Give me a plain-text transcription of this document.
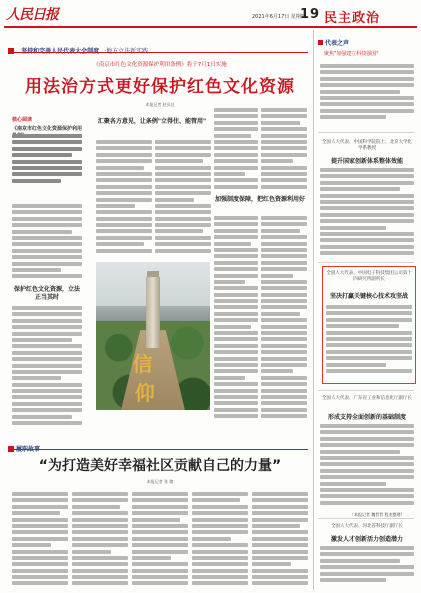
人民日报	2021年6月17日 星期四
19 民主政治
《南京市红色文化资源保护利用条例》将于7月1日实施
用法治方式更好保护红色文化资源
本报记者 赵贝佳
核心阅读
《南京市红色文化资源保护利用
保护红色文化资源，立法正当其时
汇聚各方意见，让条例"立得住、能管用"
信
仰
加强制度保障，把红色资源利用好
“为打造美好幸福社区贡献自己的力量”
本报记者 张 璁
代表之声
聚焦"加强建立科技强国"
全国人大代表、中国科学院院士、北京大学化学系教授
提升国家创新体系整体效能
全国人大代表、广东省工业和信息化厅副厅长
形成支持全面创新的基础制度
全国人大代表、河北省科技厅副厅长
激发人才创新活力创造潜力
（本报记者 魏哲哲 程龙整理）
全国人大代表、中国电子科技集团公司第十四研究所副所长
坚决打赢关键核心技术攻坚战
